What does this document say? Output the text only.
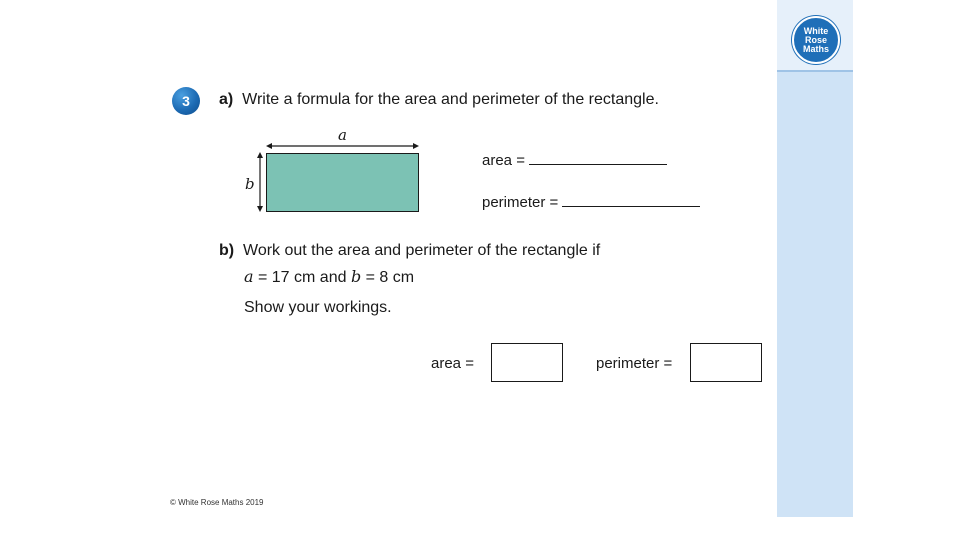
White
Rose
Maths
3	a) Write a formula for the area and perimeter of the rectangle.
a
b
area =
perimeter =
b) Work out the area and perimeter of the rectangle if
a = 17 cm and b = 8 cm
Show your workings.
area =	perimeter =
© White Rose Maths 2019
